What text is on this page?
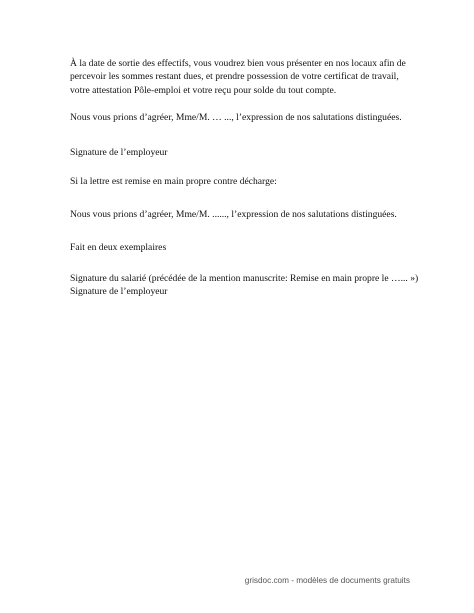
À la date de sortie des effectifs, vous voudrez bien vous présenter en nos locaux afin de
percevoir les sommes restant dues, et prendre possession de votre certificat de travail,
votre attestation Pôle-emploi et votre reçu pour solde du tout compte.

Nous vous prions d’agréer, Mme/M. … ..., l’expression de nos salutations distinguées.

Signature de l’employeur

Si la lettre est remise en main propre contre décharge:

Nous vous prions d’agréer, Mme/M. ......, l’expression de nos salutations distinguées.

Fait en deux exemplaires

Signature du salarié (précédée de la mention manuscrite: Remise en main propre le …... »)
Signature de l’employeur

grisdoc.com - modèles de documents gratuits
